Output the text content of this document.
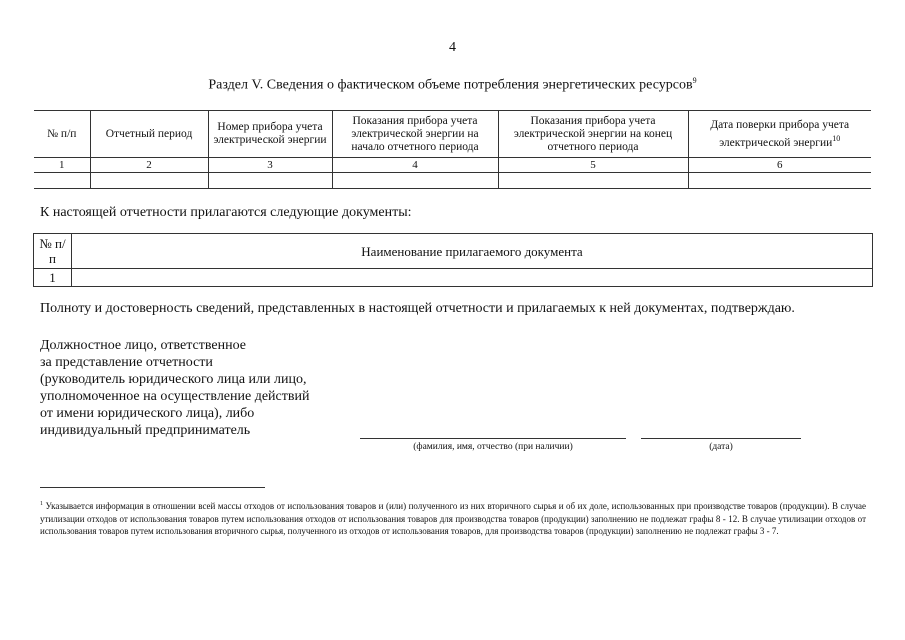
4
Раздел V. Сведения о фактическом объеме потребления энергетических ресурсов$^9$
№ п/п	Отчетный период	Номер прибора учета электрической энергии	Показания прибора учета электрической энергии на начало отчетного периода	Показания прибора учета электрической энергии на конец отчетного периода	Дата поверки прибора учета электрической энергии$^{10}$
1	2	3	4	5	6

К настоящей отчетности прилагаются следующие документы:
№ п/п	Наименование прилагаемого документа
1	
Полноту и достоверность сведений, представленных в настоящей отчетности и прилагаемых к ней документах, подтверждаю.
Должностное лицо, ответственное
за представление отчетности
(руководитель юридического лица или лицо,
уполномоченное на осуществление действий
от имени юридического лица), либо
индивидуальный предприниматель
(фамилия, имя, отчество (при наличии)	(дата)
$^1$ Указывается информация в отношении всей массы отходов от использования товаров и (или) полученного из них вторичного сырья и об их доле, использованных при производстве товаров (продукции). В случае утилизации отходов от использования товаров путем использования отходов от использования товаров для производства товаров (продукции) заполнению не подлежат графы 8 - 12. В случае утилизации отходов от использования товаров путем использования вторичного сырья, полученного из отходов от использования товаров, для производства товаров (продукции) заполнению не подлежат графы 3 - 7.
